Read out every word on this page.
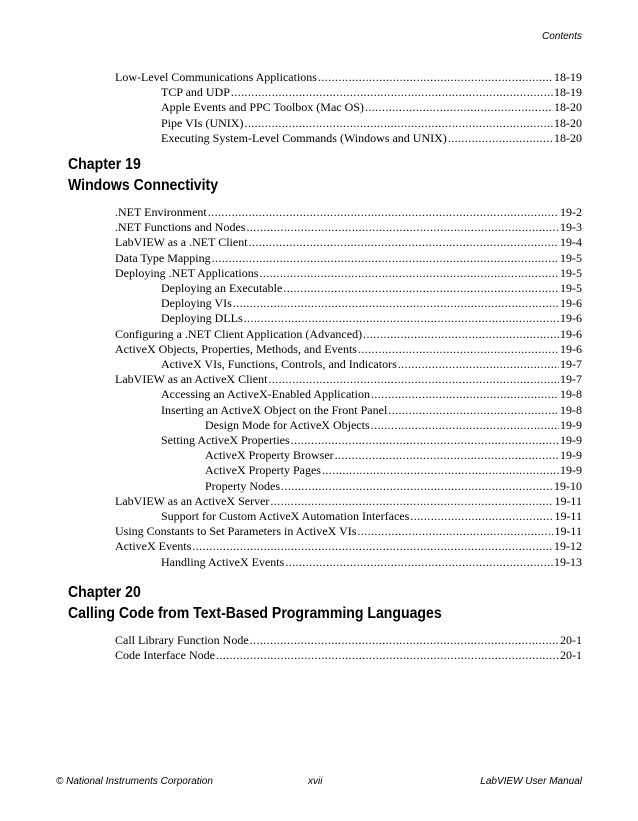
Contents
Low-Level Communications Applications .....	18-19
TCP and UDP .....	18-19
Apple Events and PPC Toolbox (Mac OS) .....	18-20
Pipe VIs (UNIX) .....	18-20
Executing System-Level Commands (Windows and UNIX) .....	18-20
Chapter 19
Windows Connectivity
.NET Environment .....	19-2
.NET Functions and Nodes .....	19-3
LabVIEW as a .NET Client .....	19-4
Data Type Mapping .....	19-5
Deploying .NET Applications .....	19-5
Deploying an Executable .....	19-5
Deploying VIs .....	19-6
Deploying DLLs .....	19-6
Configuring a .NET Client Application (Advanced) .....	19-6
ActiveX Objects, Properties, Methods, and Events .....	19-6
ActiveX VIs, Functions, Controls, and Indicators .....	19-7
LabVIEW as an ActiveX Client .....	19-7
Accessing an ActiveX-Enabled Application .....	19-8
Inserting an ActiveX Object on the Front Panel .....	19-8
Design Mode for ActiveX Objects .....	19-9
Setting ActiveX Properties .....	19-9
ActiveX Property Browser .....	19-9
ActiveX Property Pages .....	19-9
Property Nodes .....	19-10
LabVIEW as an ActiveX Server .....	19-11
Support for Custom ActiveX Automation Interfaces .....	19-11
Using Constants to Set Parameters in ActiveX VIs .....	19-11
ActiveX Events .....	19-12
Handling ActiveX Events .....	19-13
Chapter 20
Calling Code from Text-Based Programming Languages
Call Library Function Node .....	20-1
Code Interface Node .....	20-1
© National Instruments Corporation	xvii	LabVIEW User Manual
